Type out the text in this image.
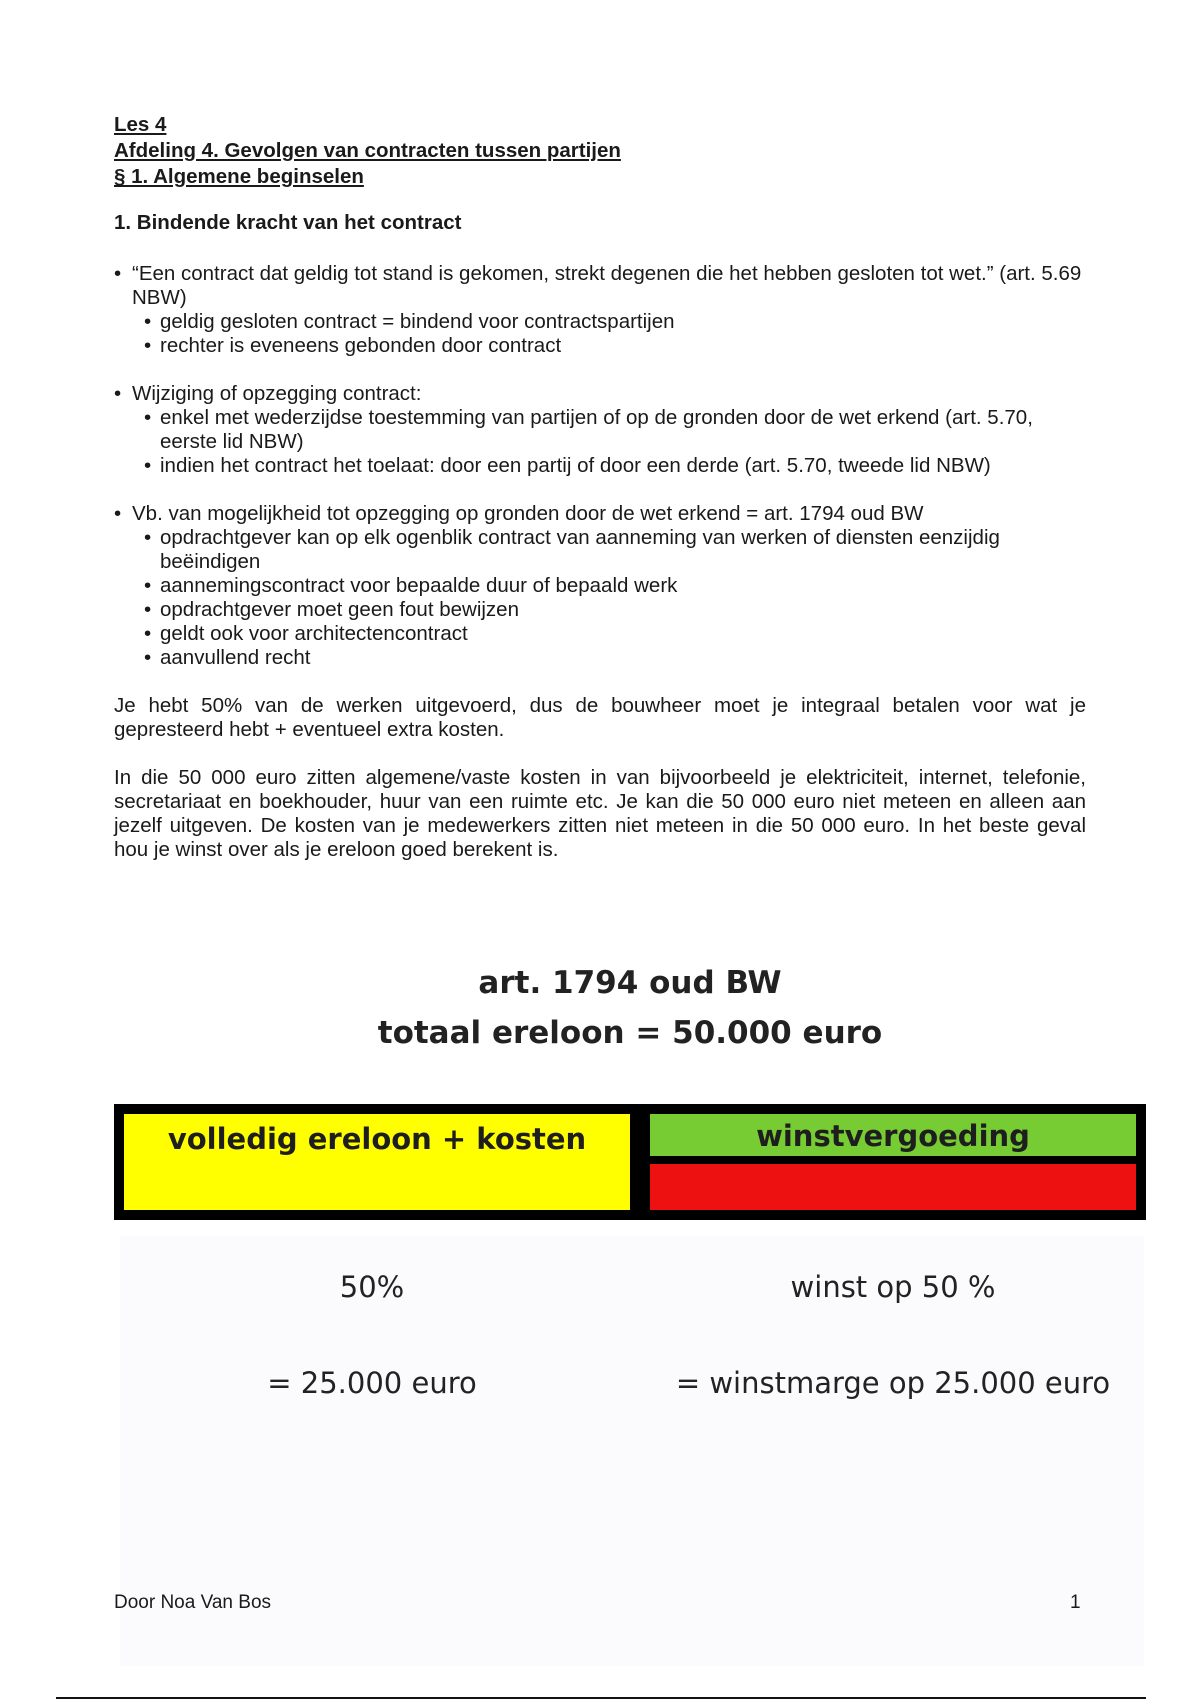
Les 4

Afdeling 4. Gevolgen van contracten tussen partijen

§ 1. Algemene beginselen

1. Bindende kracht van het contract

• “Een contract dat geldig tot stand is gekomen, strekt degenen die het hebben gesloten tot wet.” (art. 5.69 NBW)
• geldig gesloten contract = bindend voor contractspartijen
• rechter is eveneens gebonden door contract
• Wijziging of opzegging contract:
• enkel met wederzijdse toestemming van partijen of op de gronden door de wet erkend (art. 5.70, eerste lid NBW)
• indien het contract het toelaat: door een partij of door een derde (art. 5.70, tweede lid NBW)
• Vb. van mogelijkheid tot opzegging op gronden door de wet erkend = art. 1794 oud BW
• opdrachtgever kan op elk ogenblik contract van aanneming van werken of diensten eenzijdig beëindigen
• aannemingscontract voor bepaalde duur of bepaald werk
• opdrachtgever moet geen fout bewijzen
• geldt ook voor architectencontract
• aanvullend recht

Je hebt 50% van de werken uitgevoerd, dus de bouwheer moet je integraal betalen voor wat je gepresteerd hebt + eventueel extra kosten.

In die 50 000 euro zitten algemene/vaste kosten in van bijvoorbeeld je elektriciteit, internet, telefonie, secretariaat en boekhouder, huur van een ruimte etc. Je kan die 50 000 euro niet meteen en alleen aan jezelf uitgeven. De kosten van je medewerkers zitten niet meteen in die 50 000 euro. In het beste geval hou je winst over als je ereloon goed berekent is.

art. 1794 oud BW
totaal ereloon = 50.000 euro
volledig ereloon + kosten	winstvergoeding
50%	winst op 50 %
= 25.000 euro	= winstmarge op 25.000 euro
Door Noa Van Bos	1
